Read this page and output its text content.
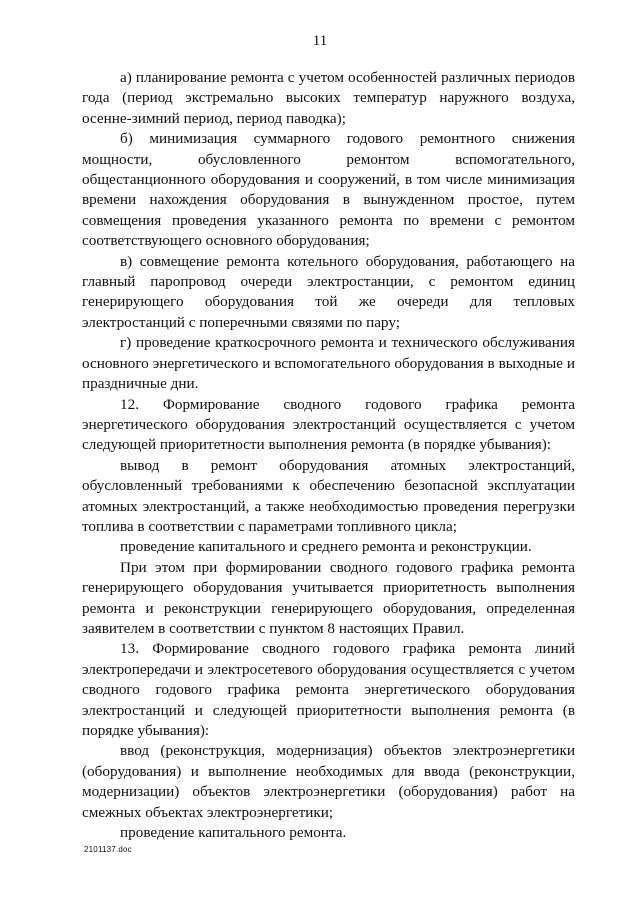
11

а) планирование ремонта с учетом особенностей различных периодов года (период экстремально высоких температур наружного воздуха, осенне-зимний период, период паводка);

б) минимизация суммарного годового ремонтного снижения мощности, обусловленного ремонтом вспомогательного, общестанционного оборудования и сооружений, в том числе минимизация времени нахождения оборудования в вынужденном простое, путем совмещения проведения указанного ремонта по времени с ремонтом соответствующего основного оборудования;

в) совмещение ремонта котельного оборудования, работающего на главный паропровод очереди электростанции, с ремонтом единиц генерирующего оборудования той же очереди для тепловых электростанций с поперечными связями по пару;

г) проведение краткосрочного ремонта и технического обслуживания основного энергетического и вспомогательного оборудования в выходные и праздничные дни.

12. Формирование сводного годового графика ремонта энергетического оборудования электростанций осуществляется с учетом следующей приоритетности выполнения ремонта (в порядке убывания):

вывод в ремонт оборудования атомных электростанций, обусловленный требованиями к обеспечению безопасной эксплуатации атомных электростанций, а также необходимостью проведения перегрузки топлива в соответствии с параметрами топливного цикла;

проведение капитального и среднего ремонта и реконструкции.

При этом при формировании сводного годового графика ремонта генерирующего оборудования учитывается приоритетность выполнения ремонта и реконструкции генерирующего оборудования, определенная заявителем в соответствии с пунктом 8 настоящих Правил.

13. Формирование сводного годового графика ремонта линий электропередачи и электросетевого оборудования осуществляется с учетом сводного годового графика ремонта энергетического оборудования электростанций и следующей приоритетности выполнения ремонта (в порядке убывания):

ввод (реконструкция, модернизация) объектов электроэнергетики (оборудования) и выполнение необходимых для ввода (реконструкции, модернизации) объектов электроэнергетики (оборудования) работ на смежных объектах электроэнергетики;

проведение капитального ремонта.

2101137.doc
